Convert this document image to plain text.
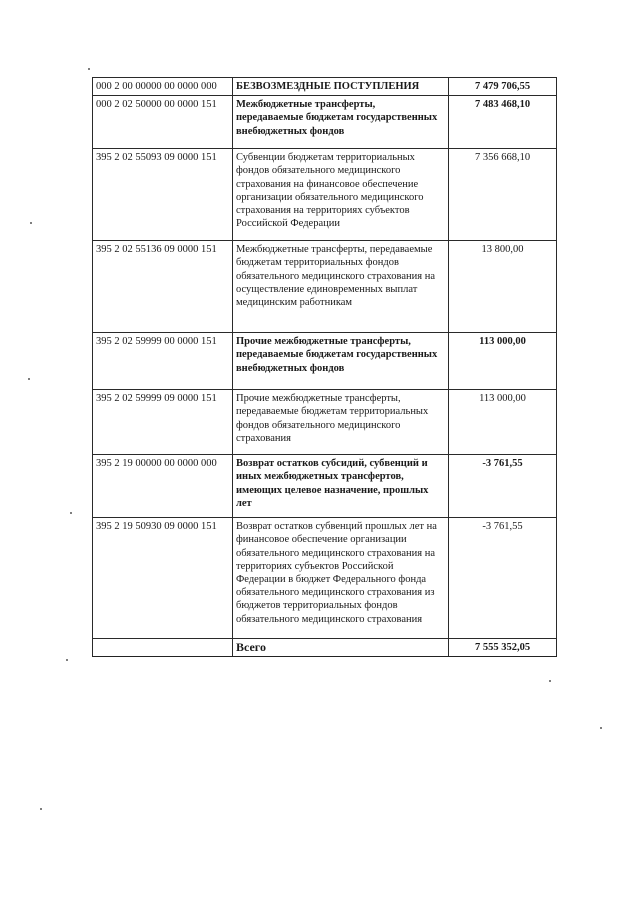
000 2 00 00000 00 0000 000	БЕЗВОЗМЕЗДНЫЕ ПОСТУПЛЕНИЯ	7 479 706,55
000 2 02 50000 00 0000 151	Межбюджетные трансферты, передаваемые бюджетам государственных внебюджетных фондов	7 483 468,10
395 2 02 55093 09 0000 151	Субвенции бюджетам территориальных фондов обязательного медицинского страхования на финансовое обеспечение организации обязательного медицинского страхования на территориях субъектов Российской Федерации	7 356 668,10
395 2 02 55136 09 0000 151	Межбюджетные трансферты, передаваемые бюджетам территориальных фондов обязательного медицинского страхования на осуществление единовременных выплат медицинским работникам	13 800,00
395 2 02 59999 00 0000 151	Прочие межбюджетные трансферты, передаваемые бюджетам государственных внебюджетных фондов	113 000,00
395 2 02 59999 09 0000 151	Прочие межбюджетные трансферты, передаваемые бюджетам территориальных фондов обязательного медицинского страхования	113 000,00
395 2 19 00000 00 0000 000	Возврат остатков субсидий, субвенций и иных межбюджетных трансфертов, имеющих целевое назначение, прошлых лет	-3 761,55
395 2 19 50930 09 0000 151	Возврат остатков субвенций прошлых лет на финансовое обеспечение организации обязательного медицинского страхования на территориях субъектов Российской Федерации в бюджет Федерального фонда обязательного медицинского страхования из бюджетов территориальных фондов обязательного медицинского страхования	-3 761,55
	Всего	7 555 352,05
